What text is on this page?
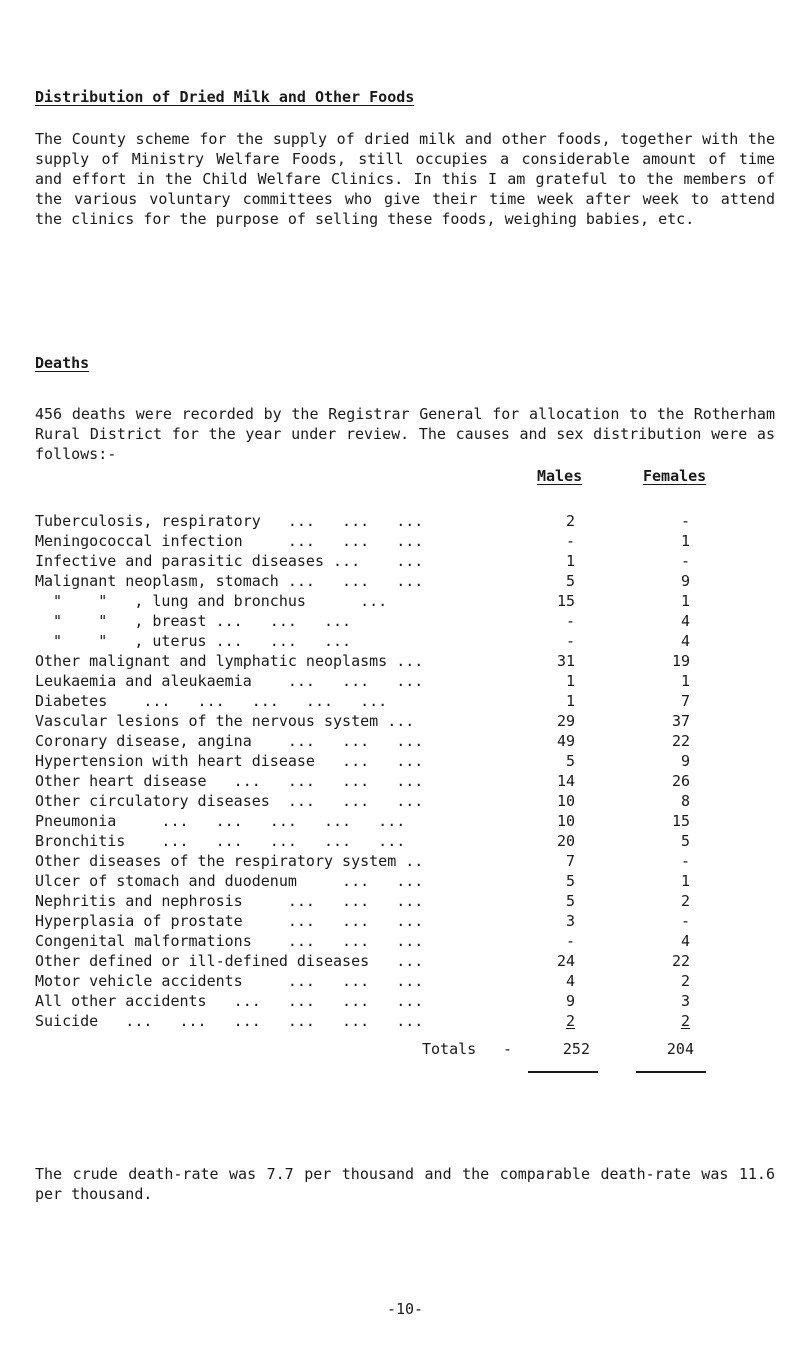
Distribution of Dried Milk and Other Foods
The County scheme for the supply of dried milk and other foods, together with the supply of Ministry Welfare Foods, still occupies a considerable amount of time and effort in the Child Welfare Clinics. In this I am grateful to the members of the various voluntary committees who give their time week after week to attend the clinics for the purpose of selling these foods, weighing babies, etc.
Deaths
456 deaths were recorded by the Registrar General for allocation to the Rotherham Rural District for the year under review. The causes and sex distribution were as follows:-
Males	Females
Tuberculosis, respiratory   ...   ...   ...	2	-
Meningococcal infection     ...   ...   ...	-	1
Infective and parasitic diseases ...    ...	1	-
Malignant neoplasm, stomach ...   ...   ...	5	9
"    "   , lung and bronchus      ...	15	1
"    "   , breast ...   ...   ...	-	4
"    "   , uterus ...   ...   ...	-	4
Other malignant and lymphatic neoplasms ...	31	19
Leukaemia and aleukaemia    ...   ...   ...	1	1
Diabetes    ...   ...   ...   ...   ...	1	7
Vascular lesions of the nervous system ...	29	37
Coronary disease, angina    ...   ...   ...	49	22
Hypertension with heart disease   ...   ...	5	9
Other heart disease   ...   ...   ...   ...	14	26
Other circulatory diseases  ...   ...   ...	10	8
Pneumonia     ...   ...   ...   ...   ...	10	15
Bronchitis    ...   ...   ...   ...   ...	20	5
Other diseases of the respiratory system ..	7	-
Ulcer of stomach and duodenum     ...   ...	5	1
Nephritis and nephrosis     ...   ...   ...	5	2
Hyperplasia of prostate     ...   ...   ...	3	-
Congenital malformations    ...   ...   ...	-	4
Other defined or ill-defined diseases   ...	24	22
Motor vehicle accidents     ...   ...   ...	4	2
All other accidents   ...   ...   ...   ...	9	3
Suicide   ...   ...   ...   ...   ...   ...	2	2
Totals -	252	204
The crude death-rate was 7.7 per thousand and the comparable death-rate was 11.6 per thousand.
-10-
